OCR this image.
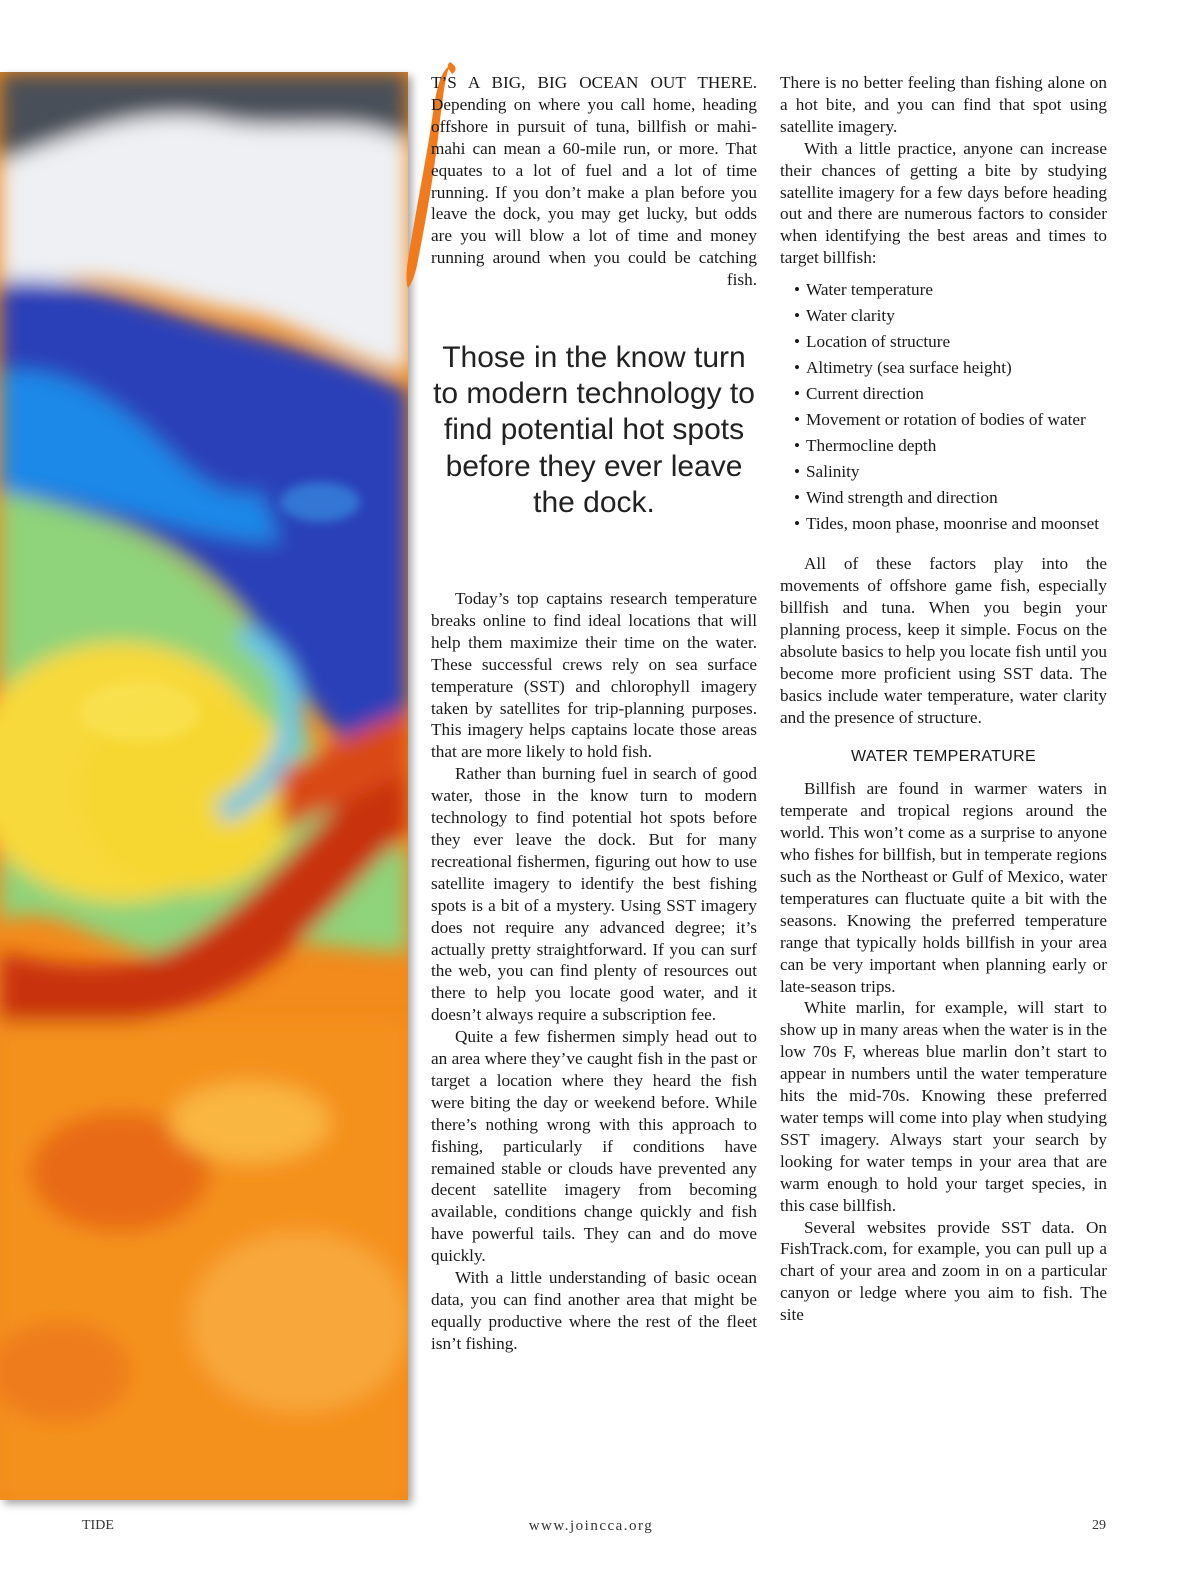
T’S A BIG, BIG OCEAN OUT THERE. Depending on where you call home, heading offshore in pursuit of tuna, billfish or mahi-mahi can mean a 60-mile run, or more. That equates to a lot of fuel and a lot of time running. If you don’t make a plan before you leave the dock, you may get lucky, but odds are you will blow a lot of time and money running around when you could be catching fish.

Those in the know turn to modern technology to find potential hot spots before they ever leave the dock.

Today’s top captains research temperature breaks online to find ideal locations that will help them maximize their time on the water. These successful crews rely on sea surface temperature (SST) and chlorophyll imagery taken by satellites for trip-planning purposes. This imagery helps captains locate those areas that are more likely to hold fish.

Rather than burning fuel in search of good water, those in the know turn to modern technology to find potential hot spots before they ever leave the dock. But for many recreational fishermen, figuring out how to use satellite imagery to identify the best fishing spots is a bit of a mystery. Using SST imagery does not require any advanced degree; it’s actually pretty straightforward. If you can surf the web, you can find plenty of resources out there to help you locate good water, and it doesn’t always require a subscription fee.

Quite a few fishermen simply head out to an area where they’ve caught fish in the past or target a location where they heard the fish were biting the day or weekend before. While there’s nothing wrong with this approach to fishing, particularly if conditions have remained stable or clouds have prevented any decent satellite imagery from becoming available, conditions change quickly and fish have powerful tails. They can and do move quickly.

With a little understanding of basic ocean data, you can find another area that might be equally productive where the rest of the fleet isn’t fishing.

There is no better feeling than fishing alone on a hot bite, and you can find that spot using satellite imagery.

With a little practice, anyone can increase their chances of getting a bite by studying satellite imagery for a few days before heading out and there are numerous factors to consider when identifying the best areas and times to target billfish:

• Water temperature
• Water clarity
• Location of structure
• Altimetry (sea surface height)
• Current direction
• Movement or rotation of bodies of water
• Thermocline depth
• Salinity
• Wind strength and direction
• Tides, moon phase, moonrise and moonset

All of these factors play into the movements of offshore game fish, especially billfish and tuna. When you begin your planning process, keep it simple. Focus on the absolute basics to help you locate fish until you become more proficient using SST data. The basics include water temperature, water clarity and the presence of structure.

WATER TEMPERATURE

Billfish are found in warmer waters in temperate and tropical regions around the world. This won’t come as a surprise to anyone who fishes for billfish, but in temperate regions such as the Northeast or Gulf of Mexico, water temperatures can fluctuate quite a bit with the seasons. Knowing the preferred temperature range that typically holds billfish in your area can be very important when planning early or late-season trips.

White marlin, for example, will start to show up in many areas when the water is in the low 70s F, whereas blue marlin don’t start to appear in numbers until the water temperature hits the mid-70s. Knowing these preferred water temps will come into play when studying SST imagery. Always start your search by looking for water temps in your area that are warm enough to hold your target species, in this case billfish.

Several websites provide SST data. On FishTrack.com, for example, you can pull up a chart of your area and zoom in on a particular canyon or ledge where you aim to fish. The site

TIDE	www.joincca.org	29
